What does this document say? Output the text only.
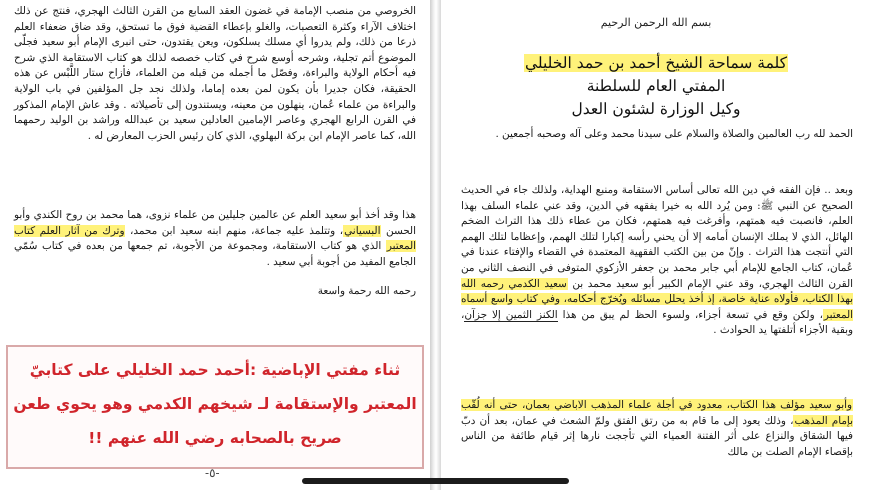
الخروصي من منصب الإمامة في غضون العقد السابع من القرن الثالث الهجري، فنتج عن ذلك اختلاف الآراء وكثرة التعصبات، والغلو بإعطاء القضية فوق ما تستحق، وقد ضاق ضعفاء العلم ذرعا من ذلك، ولم يدروا أي مسلك يسلكون، ويعن يقتدون، حتى انبرى الإمام أبو سعيد فجلّى الموضوع أتم تجلية، وشرحه أوسع شرح في كتاب خصصه لذلك هو كتاب الاستقامة الذي شرح فيه أحكام الولاية والبراءة، وفصّل ما أجمله من قبله من العلماء، فأزاح ستار اللَّبْس عن هذه الحقيقة، فكان جديرا بأن يكون لمن بعده إماما، ولذلك نجد جل المؤلفين في باب الولاية والبراءة من علماء عُمان، ينهلون من معينه، ويستندون إلى تأصيلاته . وقد عاش الإمام المذكور في القرن الرابع الهجري وعاصر الإمامين العادلين سعيد بن عبدالله وراشد بن الوليد رحمهما الله، كما عاصر الإمام ابن بركة البهلوي، الذي كان رئيس الحزب المعارض له .
هذا وقد أخذ أبو سعيد العلم عن عالمين جليلين من علماء نزوى، هما محمد بن روح الكندي وأبو الحسن البسياني، وتتلمذ عليه جماعة، منهم ابنه سعيد ابن محمد، وترك من آثار العلم كتاب المعتبر الذي هو كتاب الاستقامة، ومجموعة من الأجوبة، تم جمعها من بعده في كتاب سُمّي الجامع المفيد من أجوبة أبي سعيد .
رحمه الله رحمة واسعة
ثناء مفتي الإباضية :أحمد حمد الخليلي على كتابيّ المعتبر والإستقامة لـ شيخهم الكدمي وهو يحوي طعن صريح بالصحابه رضي الله عنهم !!
-٥-
بسم الله الرحمن الرحيم
كلمة سماحة الشيخ أحمد بن حمد الخليلي
المفتي العام للسلطنة
وكيل الوزارة لشئون العدل
الحمد لله رب العالمين والصلاة والسلام على سيدنا محمد وعلى آله وصحبه أجمعين .
وبعد .. فإن الفقه في دين الله تعالى أساس الاستقامة ومنبع الهداية، ولذلك جاء في الحديث الصحيح عن النبي ﷺ: ومن يُرد الله به خيرا يفقهه في الدين، وقد عني علماء السلف بهذا العلم، فانصبت فيه همتهم، وأفرغت فيه همتهم، فكان من عطاء ذلك هذا التراث الضخم الهائل، الذي لا يملك الإنسان أمامه إلا أن يحني رأسه إكبارا لتلك الهمم، وإعظاما لتلك الهمم التي أنتجت هذا التراث . وإنّ من بين الكتب الفقهية المعتمدة في القضاء والإفتاء عندنا في عُمان، كتاب الجامع للإمام أبي جابر محمد بن جعفر الأزكوي المتوفى في النصف الثاني من القرن الثالث الهجري، وقد عني الإمام الكبير أبو سعيد محمد بن سعيد الكدمي رحمه الله بهذا الكتاب، فأولاه عناية خاصة، إذ أخذ يحلل مسائله ويُخرّج أحكامه، وفي كتاب واسع أسماه المعتبر، ولكن وقع في تسعة أجزاء، ولسوء الحظ لم يبق من هذا الكنز الثمين إلا جزآن، وبقية الأجزاء أتلفتها يد الحوادث .
وأبو سعيد مؤلف هذا الكتاب، معدود في أجلة علماء المذهب الاباضي بعمان، حتى أنه لُقّب بإمام المذهب، وذلك يعود إلى ما قام به من رتق الفتق ولمّ الشعث في عمان، بعد أن دبّ فيها الشقاق والنزاع على أثر الفتنة العمياء التي تأججت نارها إثر قيام طائفة من الناس بإقصاء الإمام الصلت بن مالك
